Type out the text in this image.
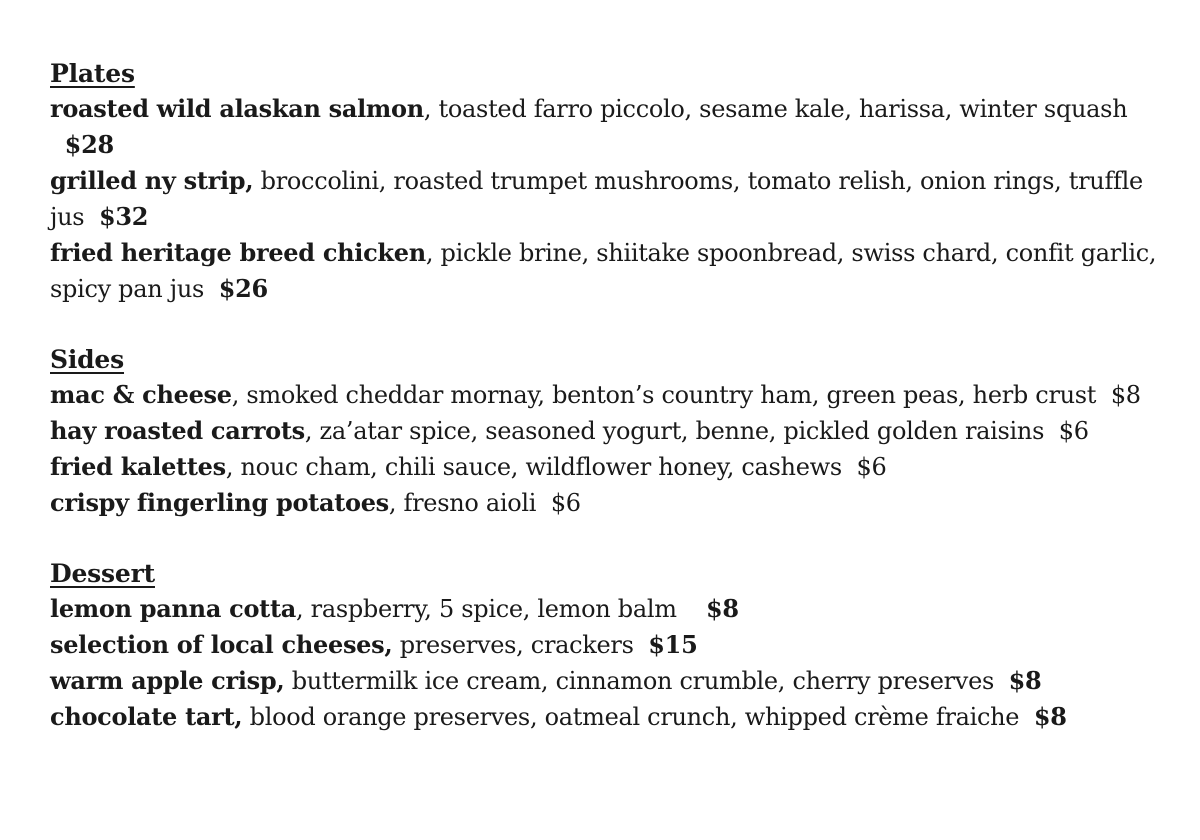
Plates
roasted wild alaskan salmon, toasted farro piccolo, sesame kale, harissa, winter squash  $28
grilled ny strip, broccolini, roasted trumpet mushrooms, tomato relish, onion rings, truffle jus $32
fried heritage breed chicken, pickle brine, shiitake spoonbread, swiss chard, confit garlic, spicy pan jus $26
Sides
mac & cheese, smoked cheddar mornay, benton’s country ham, green peas, herb crust $8
hay roasted carrots, za’atar spice, seasoned yogurt, benne, pickled golden raisins $6
fried kalettes, nouc cham, chili sauce, wildflower honey, cashews $6
crispy fingerling potatoes, fresno aioli $6
Dessert
lemon panna cotta, raspberry, 5 spice, lemon balm $8
selection of local cheeses, preserves, crackers $15
warm apple crisp, buttermilk ice cream, cinnamon crumble, cherry preserves $8
chocolate tart, blood orange preserves, oatmeal crunch, whipped crème fraiche $8
